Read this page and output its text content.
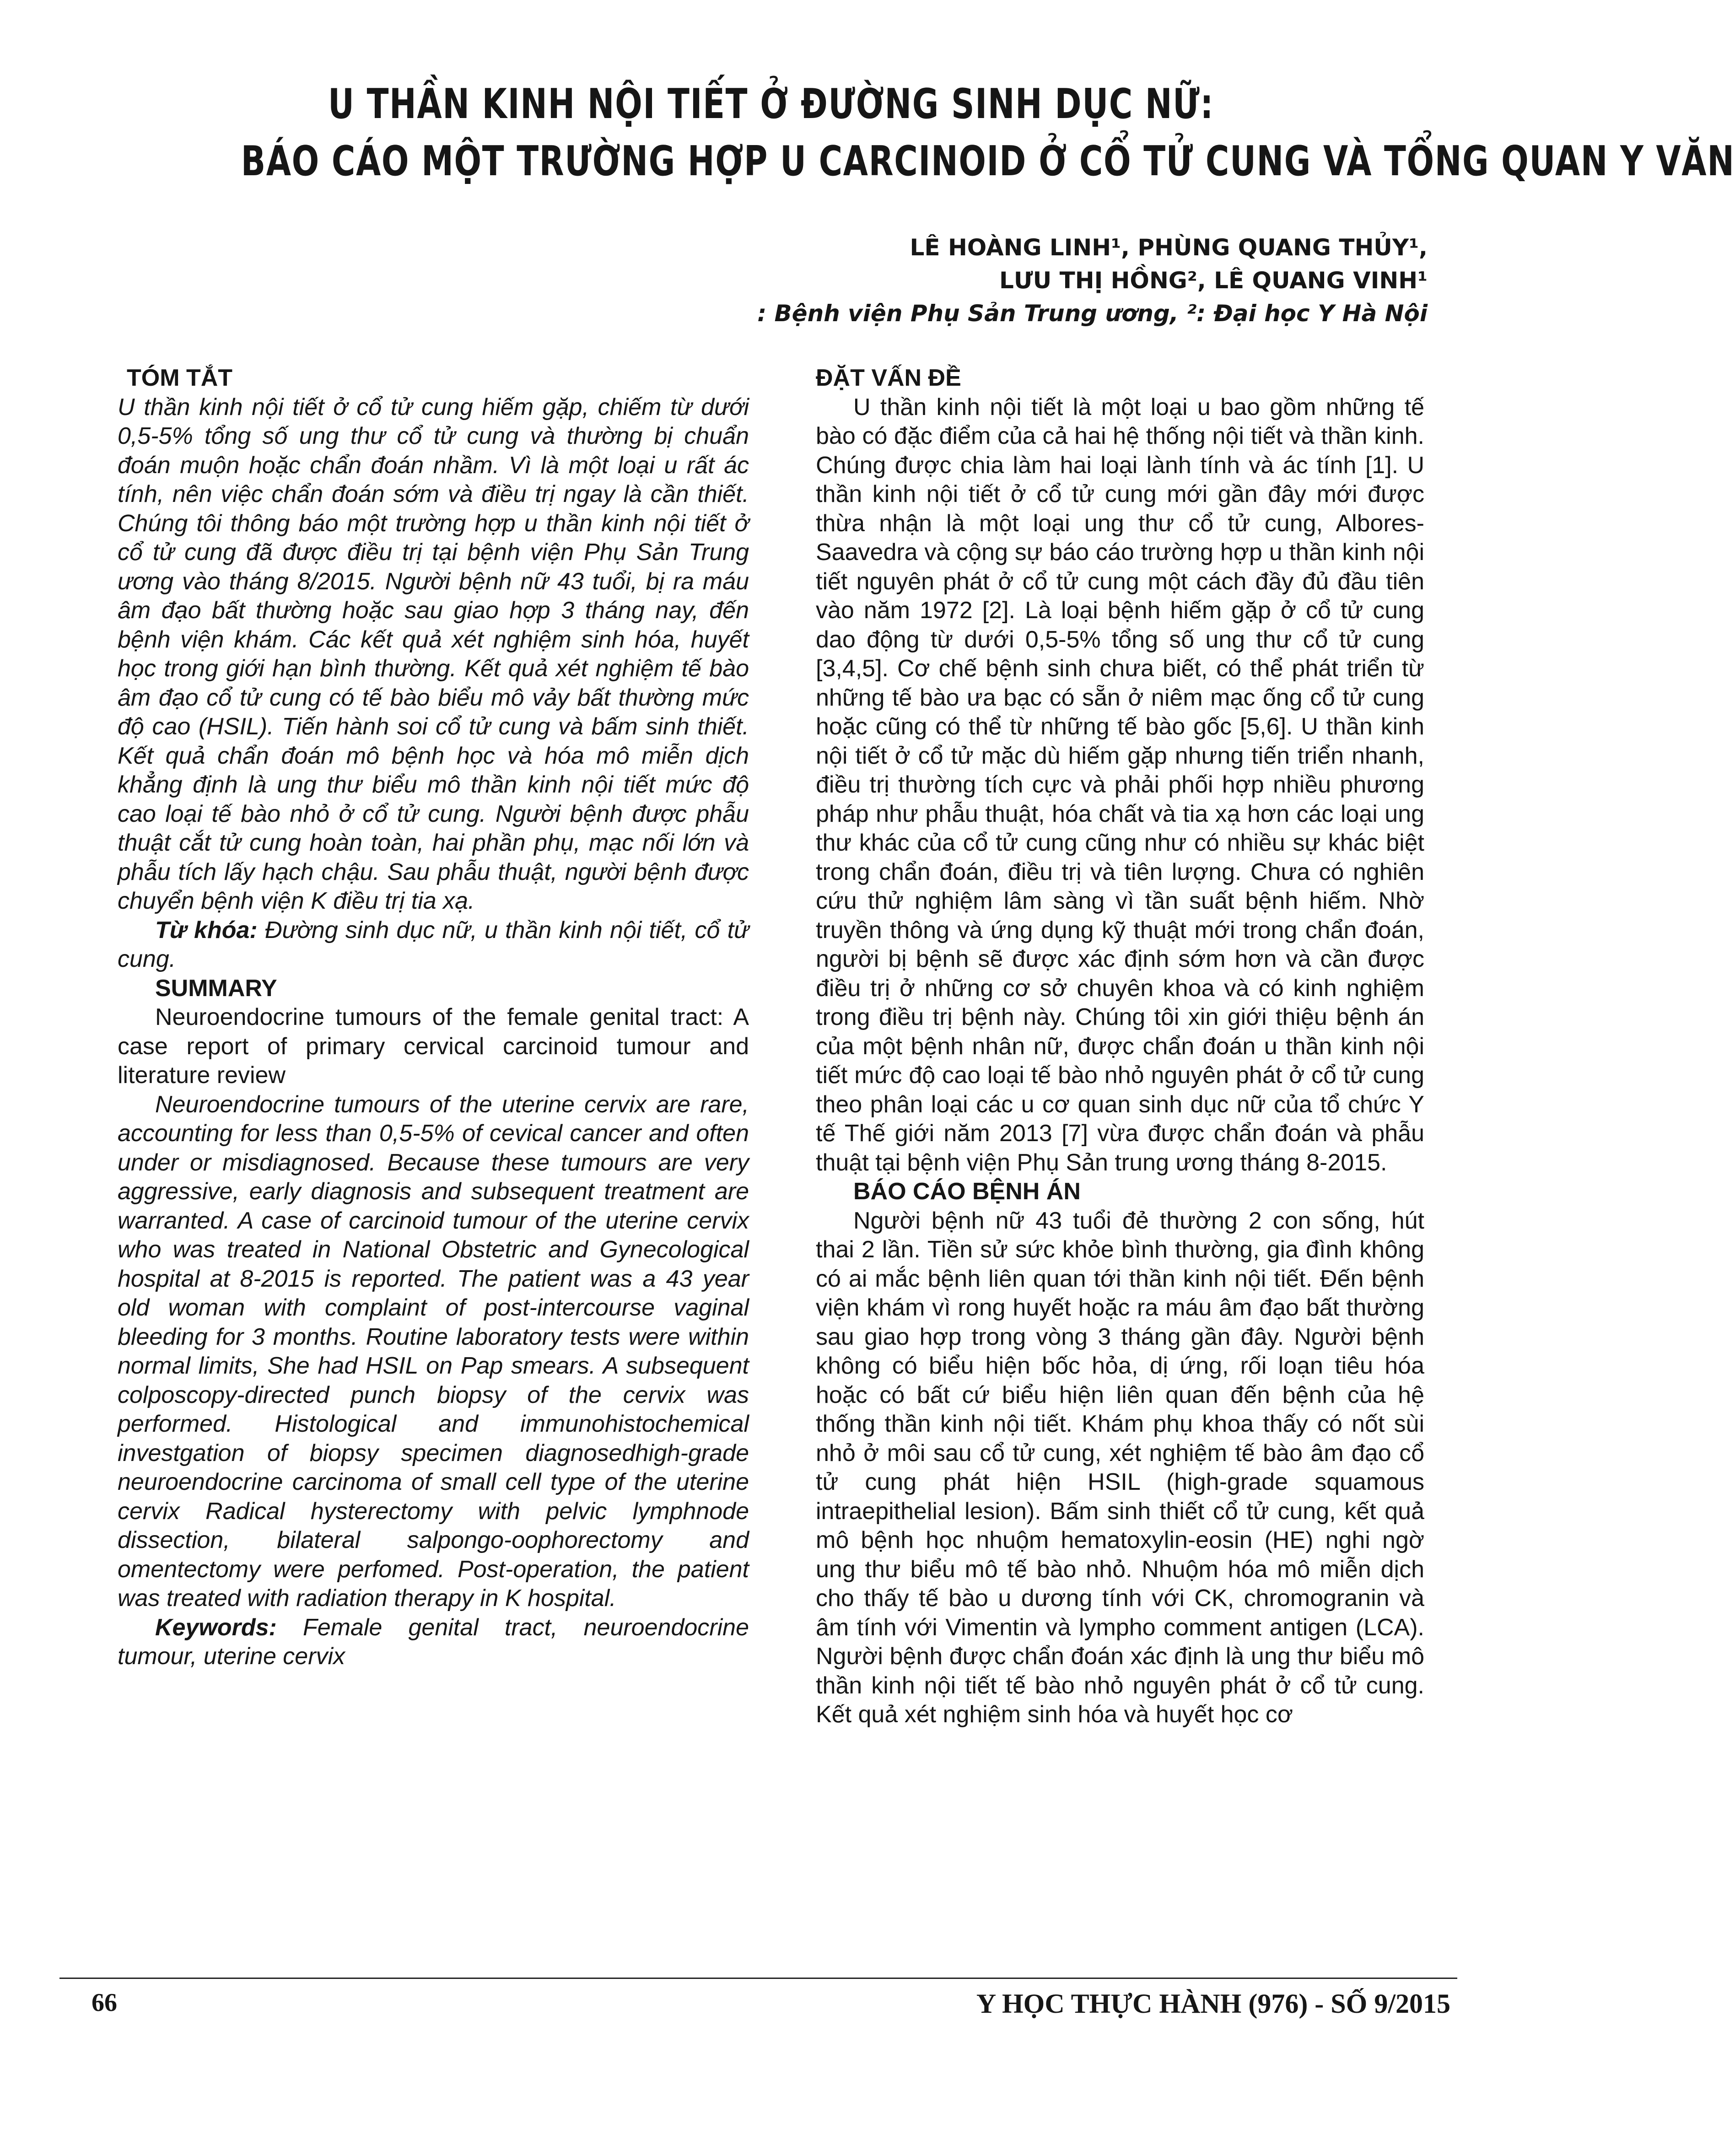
U THẦN KINH NỘI TIẾT Ở ĐƯỜNG SINH DỤC NỮ:
BÁO CÁO MỘT TRƯỜNG HỢP U CARCINOID Ở CỔ TỬ CUNG VÀ TỔNG QUAN Y VĂN
LÊ HOÀNG LINH¹, PHÙNG QUANG THỦY¹,
LƯU THỊ HỒNG², LÊ QUANG VINH¹
: Bệnh viện Phụ Sản Trung ương, ²: Đại học Y Hà Nội
TÓM TẮT

U thần kinh nội tiết ở cổ tử cung hiếm gặp, chiếm từ dưới 0,5-5% tổng số ung thư cổ tử cung và thường bị chuẩn đoán muộn hoặc chẩn đoán nhầm. Vì là một loại u rất ác tính, nên việc chẩn đoán sớm và điều trị ngay là cần thiết. Chúng tôi thông báo một trường hợp u thần kinh nội tiết ở cổ tử cung đã được điều trị tại bệnh viện Phụ Sản Trung ương vào tháng 8/2015. Người bệnh nữ 43 tuổi, bị ra máu âm đạo bất thường hoặc sau giao hợp 3 tháng nay, đến bệnh viện khám. Các kết quả xét nghiệm sinh hóa, huyết học trong giới hạn bình thường. Kết quả xét nghiệm tế bào âm đạo cổ tử cung có tế bào biểu mô vảy bất thường mức độ cao (HSIL). Tiến hành soi cổ tử cung và bấm sinh thiết. Kết quả chẩn đoán mô bệnh học và hóa mô miễn dịch khẳng định là ung thư biểu mô thần kinh nội tiết mức độ cao loại tế bào nhỏ ở cổ tử cung. Người bệnh được phẫu thuật cắt tử cung hoàn toàn, hai phần phụ, mạc nối lớn và phẫu tích lấy hạch chậu. Sau phẫu thuật, người bệnh được chuyển bệnh viện K điều trị tia xạ.

Từ khóa: Đường sinh dục nữ, u thần kinh nội tiết, cổ tử cung.

SUMMARY

Neuroendocrine tumours of the female genital tract: A case report of primary cervical carcinoid tumour and literature review

Neuroendocrine tumours of the uterine cervix are rare, accounting for less than 0,5-5% of cevical cancer and often under or misdiagnosed. Because these tumours are very aggressive, early diagnosis and subsequent treatment are warranted. A case of carcinoid tumour of the uterine cervix who was treated in National Obstetric and Gynecological hospital at 8-2015 is reported. The patient was a 43 year old woman with complaint of post-intercourse vaginal bleeding for 3 months. Routine laboratory tests were within normal limits, She had HSIL on Pap smears. A subsequent colposcopy-directed punch biopsy of the cervix was performed. Histological and immunohistochemical investgation of biopsy specimen diagnosedhigh-grade neuroendocrine carcinoma of small cell type of the uterine cervix Radical hysterectomy with pelvic lymphnode dissection, bilateral salpongo-oophorectomy and omentectomy were perfomed. Post-operation, the patient was treated with radiation therapy in K hospital.

Keywords: Female genital tract, neuroendocrine tumour, uterine cervix

ĐẶT VẤN ĐỀ

U thần kinh nội tiết là một loại u bao gồm những tế bào có đặc điểm của cả hai hệ thống nội tiết và thần kinh. Chúng được chia làm hai loại lành tính và ác tính [1]. U thần kinh nội tiết ở cổ tử cung mới gần đây mới được thừa nhận là một loại ung thư cổ tử cung, Albores-Saavedra và cộng sự báo cáo trường hợp u thần kinh nội tiết nguyên phát ở cổ tử cung một cách đầy đủ đầu tiên vào năm 1972 [2]. Là loại bệnh hiếm gặp ở cổ tử cung dao động từ dưới 0,5-5% tổng số ung thư cổ tử cung [3,4,5]. Cơ chế bệnh sinh chưa biết, có thể phát triển từ những tế bào ưa bạc có sẵn ở niêm mạc ống cổ tử cung hoặc cũng có thể từ những tế bào gốc [5,6]. U thần kinh nội tiết ở cổ tử mặc dù hiếm gặp nhưng tiến triển nhanh, điều trị thường tích cực và phải phối hợp nhiều phương pháp như phẫu thuật, hóa chất và tia xạ hơn các loại ung thư khác của cổ tử cung cũng như có nhiều sự khác biệt trong chẩn đoán, điều trị và tiên lượng. Chưa có nghiên cứu thử nghiệm lâm sàng vì tần suất bệnh hiếm. Nhờ truyền thông và ứng dụng kỹ thuật mới trong chẩn đoán, người bị bệnh sẽ được xác định sớm hơn và cần được điều trị ở những cơ sở chuyên khoa và có kinh nghiệm trong điều trị bệnh này. Chúng tôi xin giới thiệu bệnh án của một bệnh nhân nữ, được chẩn đoán u thần kinh nội tiết mức độ cao loại tế bào nhỏ nguyên phát ở cổ tử cung theo phân loại các u cơ quan sinh dục nữ của tổ chức Y tế Thế giới năm 2013 [7] vừa được chẩn đoán và phẫu thuật tại bệnh viện Phụ Sản trung ương tháng 8-2015.

BÁO CÁO BỆNH ÁN

Người bệnh nữ 43 tuổi đẻ thường 2 con sống, hút thai 2 lần. Tiền sử sức khỏe bình thường, gia đình không có ai mắc bệnh liên quan tới thần kinh nội tiết. Đến bệnh viện khám vì rong huyết hoặc ra máu âm đạo bất thường sau giao hợp trong vòng 3 tháng gần đây. Người bệnh không có biểu hiện bốc hỏa, dị ứng, rối loạn tiêu hóa hoặc có bất cứ biểu hiện liên quan đến bệnh của hệ thống thần kinh nội tiết. Khám phụ khoa thấy có nốt sùi nhỏ ở môi sau cổ tử cung, xét nghiệm tế bào âm đạo cổ tử cung phát hiện HSIL (high-grade squamous intraepithelial lesion). Bấm sinh thiết cổ tử cung, kết quả mô bệnh học nhuộm hematoxylin-eosin (HE) nghi ngờ ung thư biểu mô tế bào nhỏ. Nhuộm hóa mô miễn dịch cho thấy tế bào u dương tính với CK, chromogranin và âm tính với Vimentin và lympho comment antigen (LCA). Người bệnh được chẩn đoán xác định là ung thư biểu mô thần kinh nội tiết tế bào nhỏ nguyên phát ở cổ tử cung. Kết quả xét nghiệm sinh hóa và huyết học cơ

66	Y HỌC THỰC HÀNH (976) - SỐ 9/2015
